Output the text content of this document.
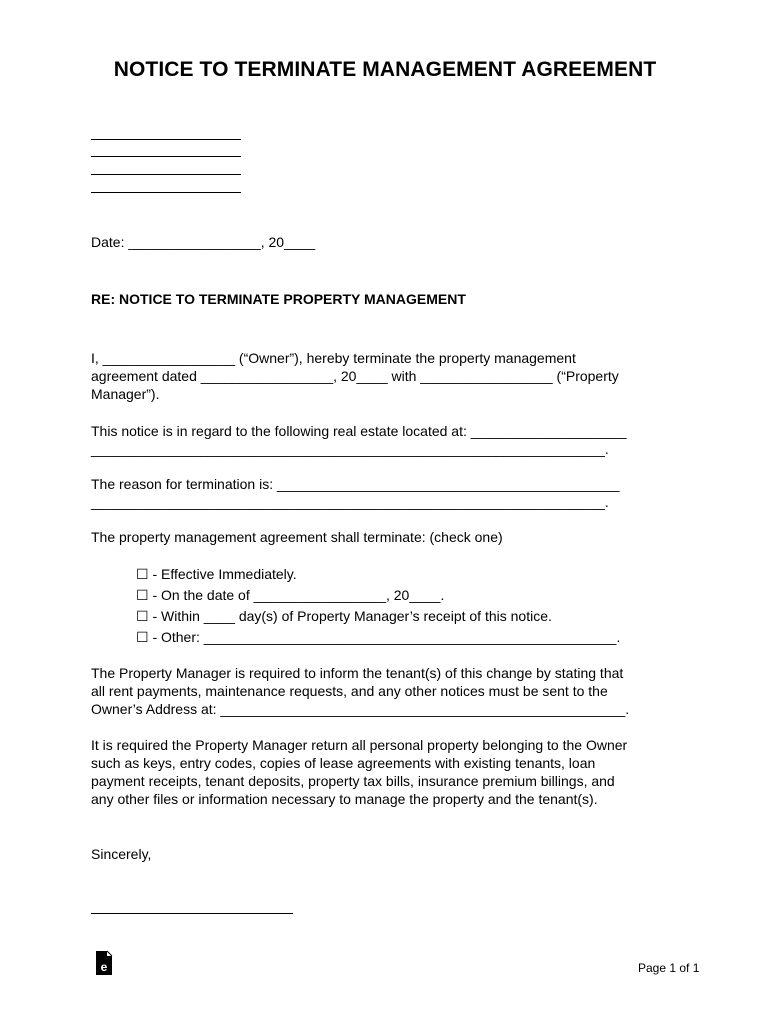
NOTICE TO TERMINATE MANAGEMENT AGREEMENT
Date: _________________, 20____
RE: NOTICE TO TERMINATE PROPERTY MANAGEMENT

I, _________________ (“Owner”), hereby terminate the property management

agreement dated _________________, 20____ with _________________ (“Property

Manager”).

This notice is in regard to the following real estate located at: ____________________

__________________________________________________________________.

The reason for termination is: ____________________________________________

__________________________________________________________________.

The property management agreement shall terminate: (check one)
☐ - Effective Immediately.
☐ - On the date of _________________, 20____.
☐ - Within ____ day(s) of Property Manager’s receipt of this notice.
☐ - Other: _____________________________________________________.

The Property Manager is required to inform the tenant(s) of this change by stating that

all rent payments, maintenance requests, and any other notices must be sent to the

Owner’s Address at: ____________________________________________________.

It is required the Property Manager return all personal property belonging to the Owner

such as keys, entry codes, copies of lease agreements with existing tenants, loan

payment receipts, tenant deposits, property tax bills, insurance premium billings, and

any other files or information necessary to manage the property and the tenant(s).

Sincerely,
e	Page 1 of 1
